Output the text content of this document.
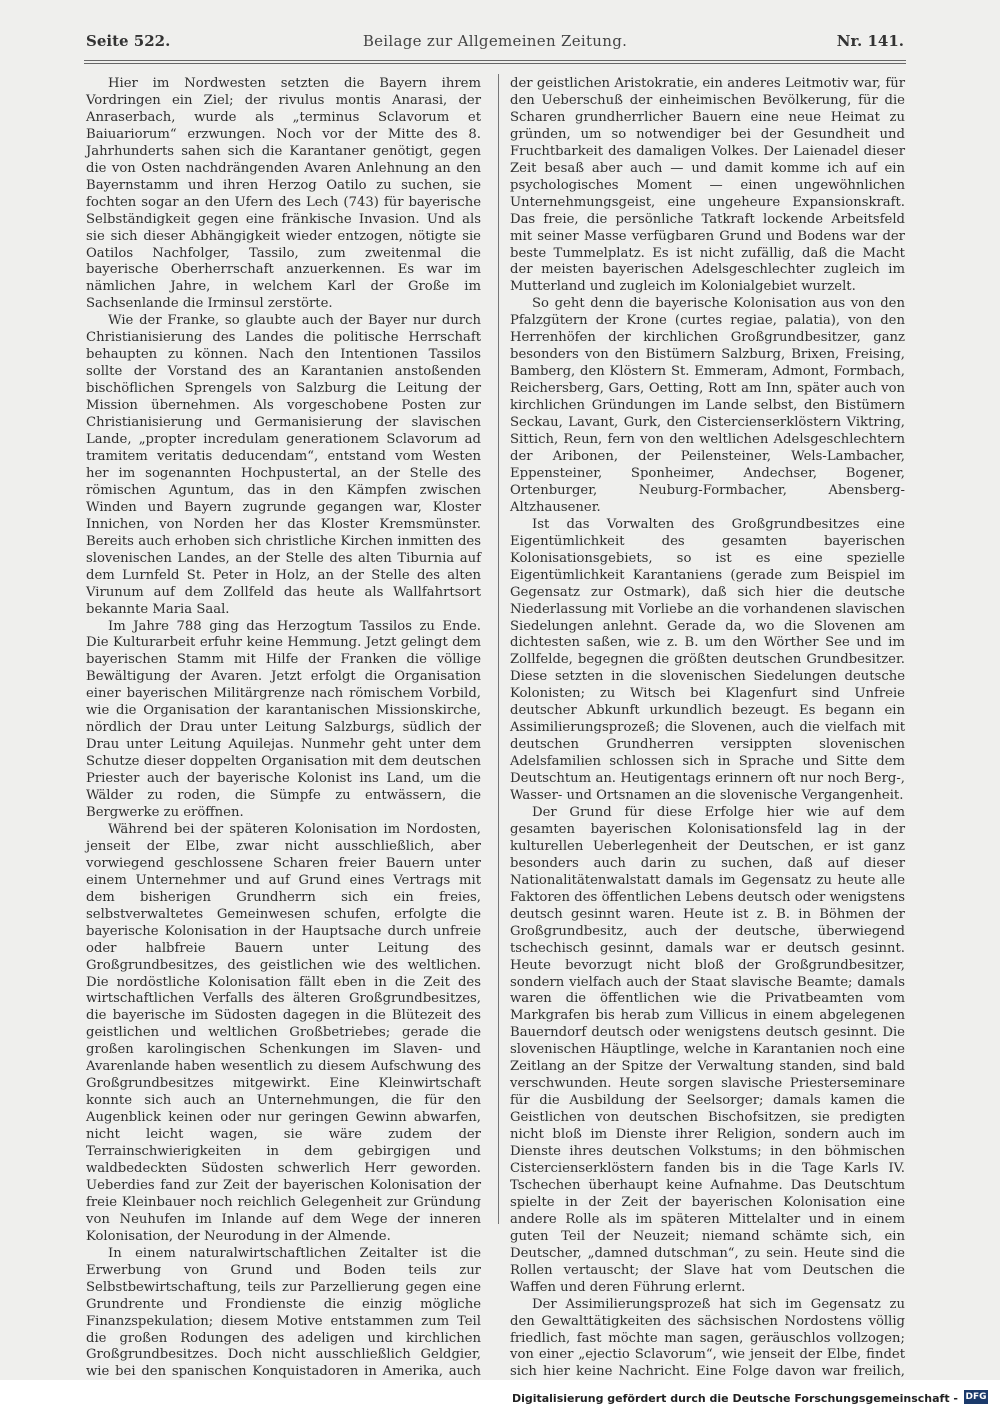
Seite 522.	Beilage zur Allgemeinen Zeitung.	Nr. 141.

Hier im Nordwesten setzten die Bayern ihrem Vordringen ein Ziel; der rivulus montis Anarasi, der Anraserbach, wurde als „terminus Sclavorum et Baiuariorum“ erzwungen. Noch vor der Mitte des 8. Jahrhunderts sahen sich die Karantaner genötigt, gegen die von Osten nachdrängenden Avaren Anlehnung an den Bayernstamm und ihren Herzog Oatilo zu suchen, sie fochten sogar an den Ufern des Lech (743) für bayerische Selbständigkeit gegen eine fränkische Invasion. Und als sie sich dieser Abhängigkeit wieder entzogen, nötigte sie Oatilos Nachfolger, Tassilo, zum zweitenmal die bayerische Oberherrschaft anzuerkennen. Es war im nämlichen Jahre, in welchem Karl der Große im Sachsenlande die Irminsul zerstörte.

Wie der Franke, so glaubte auch der Bayer nur durch Christianisierung des Landes die politische Herrschaft behaupten zu können. Nach den Intentionen Tassilos sollte der Vorstand des an Karantanien anstoßenden bischöflichen Sprengels von Salzburg die Leitung der Mission übernehmen. Als vorgeschobene Posten zur Christianisierung und Germanisierung der slavischen Lande, „propter incredulam generationem Sclavorum ad tramitem veritatis deducendam“, entstand vom Westen her im sogenannten Hochpustertal, an der Stelle des römischen Aguntum, das in den Kämpfen zwischen Winden und Bayern zugrunde gegangen war, Kloster Innichen, von Norden her das Kloster Kremsmünster. Bereits auch erhoben sich christliche Kirchen inmitten des slovenischen Landes, an der Stelle des alten Tiburnia auf dem Lurnfeld St. Peter in Holz, an der Stelle des alten Virunum auf dem Zollfeld das heute als Wallfahrtsort bekannte Maria Saal.

Im Jahre 788 ging das Herzogtum Tassilos zu Ende. Die Kulturarbeit erfuhr keine Hemmung. Jetzt gelingt dem bayerischen Stamm mit Hilfe der Franken die völlige Bewältigung der Avaren. Jetzt erfolgt die Organisation einer bayerischen Militärgrenze nach römischem Vorbild, wie die Organisation der karantanischen Missionskirche, nördlich der Drau unter Leitung Salzburgs, südlich der Drau unter Leitung Aquilejas. Nunmehr geht unter dem Schutze dieser doppelten Organisation mit dem deutschen Priester auch der bayerische Kolonist ins Land, um die Wälder zu roden, die Sümpfe zu entwässern, die Bergwerke zu eröffnen.

Während bei der späteren Kolonisation im Nordosten, jenseit der Elbe, zwar nicht ausschließlich, aber vorwiegend geschlossene Scharen freier Bauern unter einem Unternehmer und auf Grund eines Vertrags mit dem bisherigen Grundherrn sich ein freies, selbstverwaltetes Gemeinwesen schufen, erfolgte die bayerische Kolonisation in der Hauptsache durch unfreie oder halbfreie Bauern unter Leitung des Großgrundbesitzes, des geistlichen wie des weltlichen. Die nordöstliche Kolonisation fällt eben in die Zeit des wirtschaftlichen Verfalls des älteren Großgrundbesitzes, die bayerische im Südosten dagegen in die Blütezeit des geistlichen und weltlichen Großbetriebes; gerade die großen karolingischen Schenkungen im Slaven- und Avarenlande haben wesentlich zu diesem Aufschwung des Großgrundbesitzes mitgewirkt. Eine Kleinwirtschaft konnte sich auch an Unternehmungen, die für den Augenblick keinen oder nur geringen Gewinn abwarfen, nicht leicht wagen, sie wäre zudem der Terrainschwierigkeiten in dem gebirgigen und waldbedeckten Südosten schwerlich Herr geworden. Ueberdies fand zur Zeit der bayerischen Kolonisation der freie Kleinbauer noch reichlich Gelegenheit zur Gründung von Neuhufen im Inlande auf dem Wege der inneren Kolonisation, der Neurodung in der Almende.

In einem naturalwirtschaftlichen Zeitalter ist die Erwerbung von Grund und Boden teils zur Selbstbewirtschaftung, teils zur Parzellierung gegen eine Grundrente und Frondienste die einzig mögliche Finanzspekulation; diesem Motive entstammen zum Teil die großen Rodungen des adeligen und kirchlichen Großgrundbesitzes. Doch nicht ausschließlich Geldgier, wie bei den spanischen Konquistadoren in Amerika, auch

der geistlichen Aristokratie, ein anderes Leitmotiv war, für den Ueberschuß der einheimischen Bevölkerung, für die Scharen grundherrlicher Bauern eine neue Heimat zu gründen, um so notwendiger bei der Gesundheit und Fruchtbarkeit des damaligen Volkes. Der Laienadel dieser Zeit besaß aber auch — und damit komme ich auf ein psychologisches Moment — einen ungewöhnlichen Unternehmungsgeist, eine ungeheure Expansionskraft. Das freie, die persönliche Tatkraft lockende Arbeitsfeld mit seiner Masse verfügbaren Grund und Bodens war der beste Tummelplatz. Es ist nicht zufällig, daß die Macht der meisten bayerischen Adelsgeschlechter zugleich im Mutterland und zugleich im Kolonialgebiet wurzelt.

So geht denn die bayerische Kolonisation aus von den Pfalzgütern der Krone (curtes regiae, palatia), von den Herrenhöfen der kirchlichen Großgrundbesitzer, ganz besonders von den Bistümern Salzburg, Brixen, Freising, Bamberg, den Klöstern St. Emmeram, Admont, Formbach, Reichersberg, Gars, Oetting, Rott am Inn, später auch von kirchlichen Gründungen im Lande selbst, den Bistümern Seckau, Lavant, Gurk, den Cistercienserklöstern Viktring, Sittich, Reun, fern von den weltlichen Adelsgeschlechtern der Aribonen, der Peilensteiner, Wels-Lambacher, Eppensteiner, Sponheimer, Andechser, Bogener, Ortenburger, Neuburg-Formbacher, Abensberg-Altzhausener.

Ist das Vorwalten des Großgrundbesitzes eine Eigentümlichkeit des gesamten bayerischen Kolonisationsgebiets, so ist es eine spezielle Eigentümlichkeit Karantaniens (gerade zum Beispiel im Gegensatz zur Ostmark), daß sich hier die deutsche Niederlassung mit Vorliebe an die vorhandenen slavischen Siedelungen anlehnt. Gerade da, wo die Slovenen am dichtesten saßen, wie z. B. um den Wörther See und im Zollfelde, begegnen die größten deutschen Grundbesitzer. Diese setzten in die slovenischen Siedelungen deutsche Kolonisten; zu Witsch bei Klagenfurt sind Unfreie deutscher Abkunft urkundlich bezeugt. Es begann ein Assimilierungsprozeß; die Slovenen, auch die vielfach mit deutschen Grundherren versippten slovenischen Adelsfamilien schlossen sich in Sprache und Sitte dem Deutschtum an. Heutigentags erinnern oft nur noch Berg-, Wasser- und Ortsnamen an die slovenische Vergangenheit.

Der Grund für diese Erfolge hier wie auf dem gesamten bayerischen Kolonisationsfeld lag in der kulturellen Ueberlegenheit der Deutschen, er ist ganz besonders auch darin zu suchen, daß auf dieser Nationalitätenwalstatt damals im Gegensatz zu heute alle Faktoren des öffentlichen Lebens deutsch oder wenigstens deutsch gesinnt waren. Heute ist z. B. in Böhmen der Großgrundbesitz, auch der deutsche, überwiegend tschechisch gesinnt, damals war er deutsch gesinnt. Heute bevorzugt nicht bloß der Großgrundbesitzer, sondern vielfach auch der Staat slavische Beamte; damals waren die öffentlichen wie die Privatbeamten vom Markgrafen bis herab zum Villicus in einem abgelegenen Bauerndorf deutsch oder wenigstens deutsch gesinnt. Die slovenischen Häuptlinge, welche in Karantanien noch eine Zeitlang an der Spitze der Verwaltung standen, sind bald verschwunden. Heute sorgen slavische Priesterseminare für die Ausbildung der Seelsorger; damals kamen die Geistlichen von deutschen Bischofsitzen, sie predigten nicht bloß im Dienste ihrer Religion, sondern auch im Dienste ihres deutschen Volkstums; in den böhmischen Cistercienserklöstern fanden bis in die Tage Karls IV. Tschechen überhaupt keine Aufnahme. Das Deutschtum spielte in der Zeit der bayerischen Kolonisation eine andere Rolle als im späteren Mittelalter und in einem guten Teil der Neuzeit; niemand schämte sich, ein Deutscher, „damned dutschman“, zu sein. Heute sind die Rollen vertauscht; der Slave hat vom Deutschen die Waffen und deren Führung erlernt.

Der Assimilierungsprozeß hat sich im Gegensatz zu den Gewalttätigkeiten des sächsischen Nordostens völlig friedlich, fast möchte man sagen, geräuschlos vollzogen; von einer „ejectio Sclavorum“, wie jenseit der Elbe, findet sich hier keine Nachricht. Eine Folge davon war freilich,

Digitalisierung gefördert durch die Deutsche Forschungsgemeinschaft - DFG
